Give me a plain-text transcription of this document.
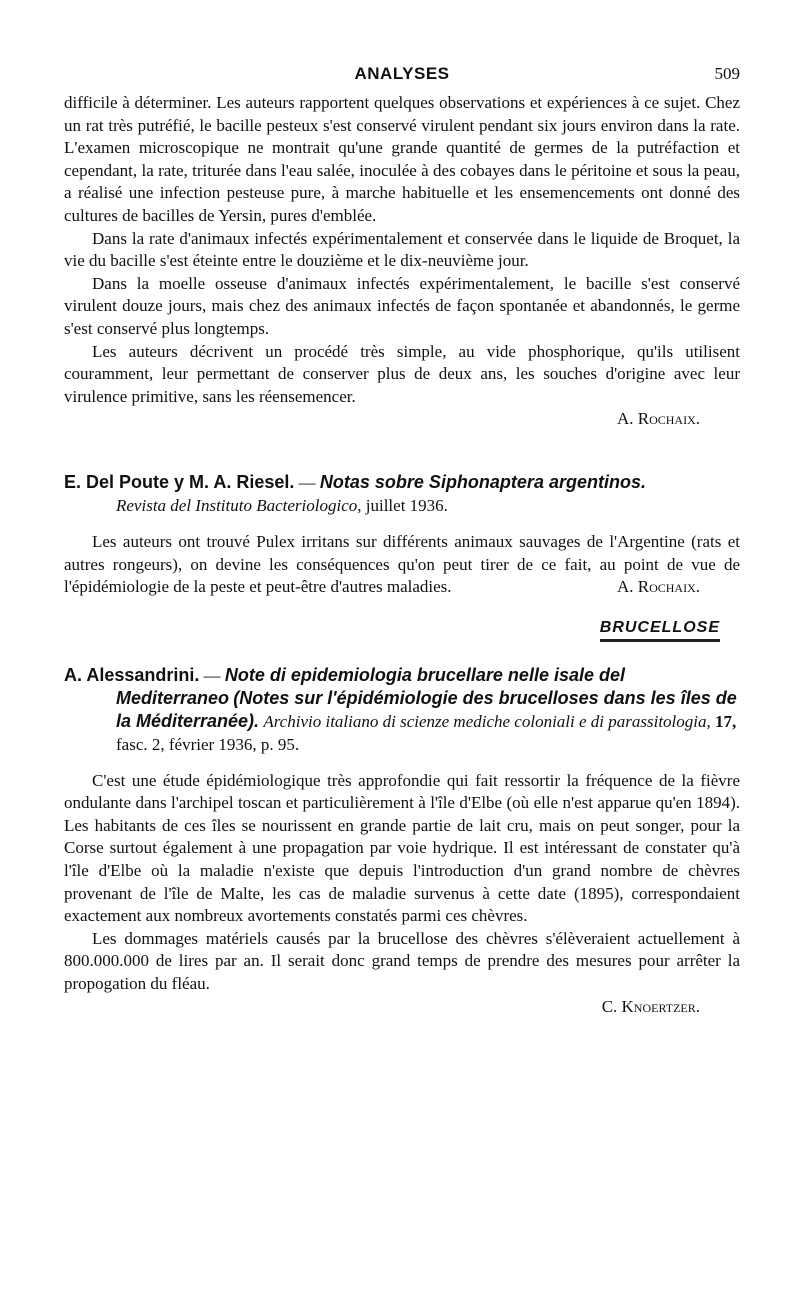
ANALYSES	509

difficile à déterminer. Les auteurs rapportent quelques observations et expériences à ce sujet. Chez un rat très putréfié, le bacille pesteux s'est conservé virulent pendant six jours environ dans la rate. L'examen microscopique ne montrait qu'une grande quantité de germes de la putréfaction et cependant, la rate, triturée dans l'eau salée, inoculée à des cobayes dans le péritoine et sous la peau, a réalisé une infection pesteuse pure, à marche habituelle et les ensemencements ont donné des cultures de bacilles de Yersin, pures d'emblée.

Dans la rate d'animaux infectés expérimentalement et conservée dans le liquide de Broquet, la vie du bacille s'est éteinte entre le douzième et le dix-neuvième jour.

Dans la moelle osseuse d'animaux infectés expérimentalement, le bacille s'est conservé virulent douze jours, mais chez des animaux infectés de façon spontanée et abandonnés, le germe s'est conservé plus longtemps.

Les auteurs décrivent un procédé très simple, au vide phosphorique, qu'ils utilisent couramment, leur permettant de conserver plus de deux ans, les souches d'origine avec leur virulence primitive, sans les réensemencer.

A. Rochaix.
E. Del Poute y M. A. Riesel. — Notas sobre Siphonaptera argentinos.
Revista del Instituto Bacteriologico, juillet 1936.

Les auteurs ont trouvé Pulex irritans sur différents animaux sauvages de l'Argentine (rats et autres rongeurs), on devine les conséquences qu'on peut tirer de ce fait, au point de vue de l'épidémiologie de la peste et peut-être d'autres maladies.	A. Rochaix.

BRUCELLOSE
A. Alessandrini. — Note di epidemiologia brucellare nelle isale del Mediterraneo (Notes sur l'épidémiologie des brucelloses dans les îles de la Méditerranée). Archivio italiano di scienze mediche coloniali e di parassitologia, 17, fasc. 2, février 1936, p. 95.

C'est une étude épidémiologique très approfondie qui fait ressortir la fréquence de la fièvre ondulante dans l'archipel toscan et particulièrement à l'île d'Elbe (où elle n'est apparue qu'en 1894). Les habitants de ces îles se nourissent en grande partie de lait cru, mais on peut songer, pour la Corse surtout également à une propagation par voie hydrique. Il est intéressant de constater qu'à l'île d'Elbe où la maladie n'existe que depuis l'introduction d'un grand nombre de chèvres provenant de l'île de Malte, les cas de maladie survenus à cette date (1895), correspondaient exactement aux nombreux avortements constatés parmi ces chèvres.

Les dommages matériels causés par la brucellose des chèvres s'élèveraient actuellement à 800.000.000 de lires par an. Il serait donc grand temps de prendre des mesures pour arrêter la propogation du fléau.

C. Knoertzer.
